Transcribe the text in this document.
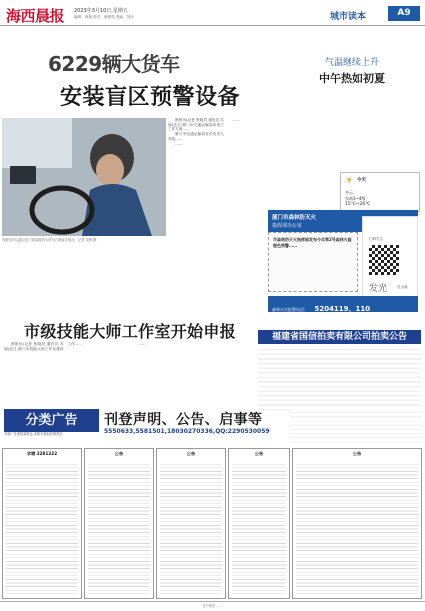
海西晨报 2023年3月10日 星期五
编辑：林艳 校对：黄雅男 美编：刘卉	城市读本	A9
6229辆大货车
安装盲区预警设备
驾驶员可以通过电子屏幕看到大货车右侧盲区情况。记者 龙舸 摄

晨报讯(记者 张晓君 通讯员 苏丽)近日,厦门市交通运输局印发了工作方案……

厦门市交通运输局有关负责人介绍……

……

……

气温继续上升
中午热如初夏
☀ 今天
多云
东南3~4级
15℃~26℃
厦门市森林防灭火
指挥部办公室
市森林防灭火指挥部发布今年第2号森林火险橙色预警……
扫码关注
发光	亮点新
森林火灾报警电话: 5204119、110
市级技能大师工作室开始申报

晨报讯(记者 张晓君 通讯员 苏丽)近日,厦门市技能大师工作室建设工作……	……

福建省国信拍卖有限公司拍卖公告
分类广告
刊登广告请到本报社,本报不承担法律责任
刊登声明、公告、启事等
5550633,5581501,18030270336,QQ:2290530059
求聘 2281222	公告	公告	公告	公告
官方网站 ……
